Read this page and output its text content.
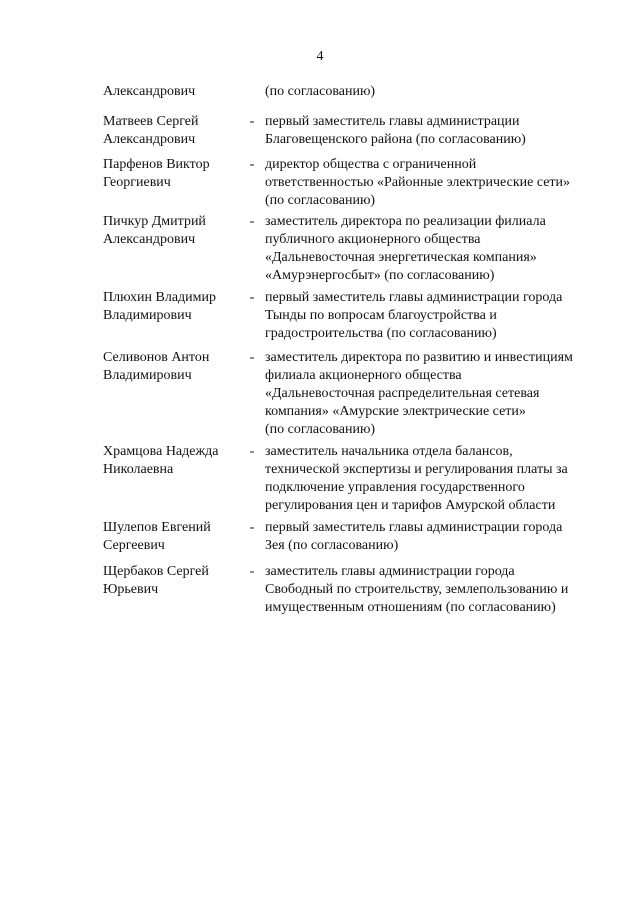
4
Александрович	(по согласованию)
Матвеев Сергей
Александрович
- первый заместитель главы администрации
Благовещенского района (по согласованию)
Парфенов Виктор
Георгиевич
- директор общества с ограниченной
ответственностью «Районные электрические сети»
(по согласованию)
Пичкур Дмитрий
Александрович
- заместитель директора по реализации филиала
публичного акционерного общества
«Дальневосточная энергетическая компания»
«Амурэнергосбыт» (по согласованию)
Плюхин Владимир
Владимирович
- первый заместитель главы администрации города
Тынды по вопросам благоустройства и
градостроительства (по согласованию)
Селивонов Антон
Владимирович
- заместитель директора по развитию и инвестициям
филиала акционерного общества
«Дальневосточная распределительная сетевая
компания» «Амурские электрические сети»
(по согласованию)
Храмцова Надежда
Николаевна
- заместитель начальника отдела балансов,
технической экспертизы и регулирования платы за
подключение управления государственного
регулирования цен и тарифов Амурской области
Шулепов Евгений
Сергеевич
- первый заместитель главы администрации города
Зея (по согласованию)
Щербаков Сергей
Юрьевич
- заместитель главы администрации города
Свободный по строительству, землепользованию и
имущественным отношениям (по согласованию)
